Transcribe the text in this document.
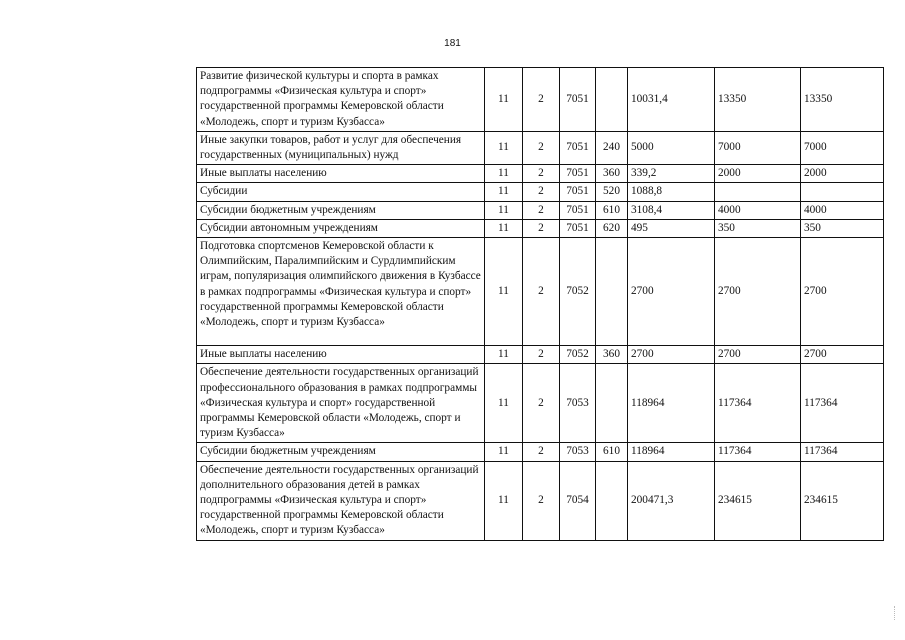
181
Развитие физической культуры и спорта в рамках подпрограммы «Физическая культура и спорт» государственной программы Кемеровской области «Молодежь, спорт и туризм Кузбасса»	11	2	7051		10031,4	13350	13350
Иные закупки товаров, работ и услуг для обеспечения государственных (муниципальных) нужд	11	2	7051	240	5000	7000	7000
Иные выплаты населению	11	2	7051	360	339,2	2000	2000
Субсидии	11	2	7051	520	1088,8		
Субсидии бюджетным учреждениям	11	2	7051	610	3108,4	4000	4000
Субсидии автономным учреждениям	11	2	7051	620	495	350	350
Подготовка спортсменов Кемеровской области к Олимпийским, Паралимпийским и Сурдлимпийским играм, популяризация олимпийского движения в Кузбассе в рамках подпрограммы «Физическая культура и спорт» государственной программы Кемеровской области «Молодежь, спорт и туризм Кузбасса»	11	2	7052		2700	2700	2700
Иные выплаты населению	11	2	7052	360	2700	2700	2700
Обеспечение деятельности государственных организаций профессионального образования в рамках подпрограммы «Физическая культура и спорт» государственной программы Кемеровской области «Молодежь, спорт и туризм Кузбасса»	11	2	7053		118964	117364	117364
Субсидии бюджетным учреждениям	11	2	7053	610	118964	117364	117364
Обеспечение деятельности государственных организаций дополнительного образования детей в рамках подпрограммы «Физическая культура и спорт» государственной программы Кемеровской области «Молодежь, спорт и туризм Кузбасса»	11	2	7054		200471,3	234615	234615
